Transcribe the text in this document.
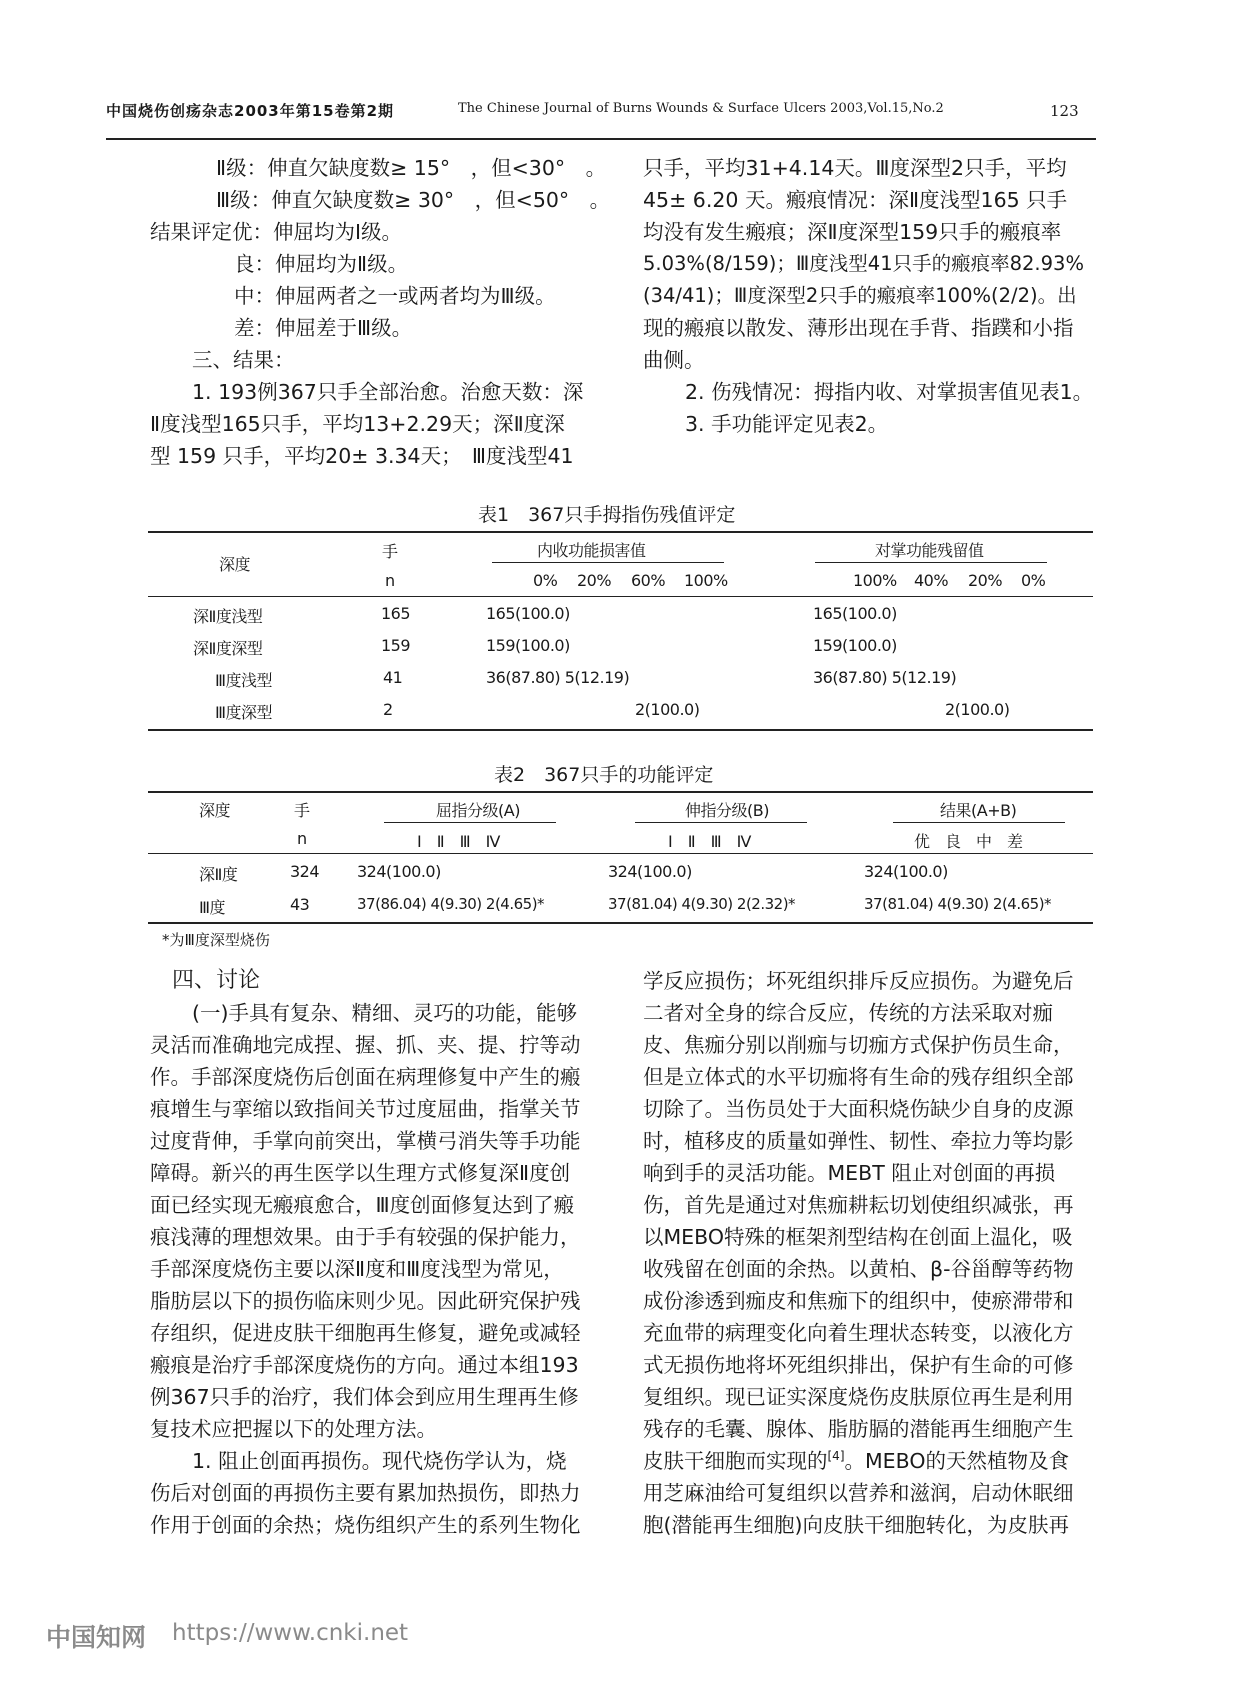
中国烧伤创疡杂志2003年第15卷第2期	The Chinese Journal of Burns Wounds & Surface Ulcers 2003,Vol.15,No.2	123

Ⅱ级：伸直欠缺度数≥ 15°　，但<30°　。

Ⅲ级：伸直欠缺度数≥ 30°　，但<50°　。

结果评定优：伸屈均为Ⅰ级。

良：伸屈均为Ⅱ级。

中：伸屈两者之一或两者均为Ⅲ级。

差：伸屈差于Ⅲ级。

三、结果：

1. 193例367只手全部治愈。治愈天数：深

Ⅱ度浅型165只手，平均13+2.29天；深Ⅱ度深

型 159 只手，平均20± 3.34天；　Ⅲ度浅型41

只手，平均31+4.14天。Ⅲ度深型2只手，平均

45± 6.20 天。瘢痕情况：深Ⅱ度浅型165 只手

均没有发生瘢痕；深Ⅱ度深型159只手的瘢痕率

5.03%(8/159)；Ⅲ度浅型41只手的瘢痕率82.93%

(34/41)；Ⅲ度深型2只手的瘢痕率100%(2/2)。出

现的瘢痕以散发、薄形出现在手背、指蹼和小指

曲侧。

2. 伤残情况：拇指内收、对掌损害值见表1。

3. 手功能评定见表2。

表1　367只手拇指伤残值评定
深度
手
n
内收功能损害值	对掌功能残留值
0% 20% 60% 100%	100% 40% 20% 0%
深Ⅱ度浅型	165	165(100.0)	165(100.0)
深Ⅱ度深型	159	159(100.0)	159(100.0)
Ⅲ度浅型	41	36(87.80) 5(12.19)	36(87.80) 5(12.19)
Ⅲ度深型	2	2(100.0)	2(100.0)
表2　367只手的功能评定
深度	手
n
屈指分级(A)	伸指分级(B)	结果(A+B)
Ⅰ　Ⅱ　Ⅲ　Ⅳ	Ⅰ　Ⅱ　Ⅲ　Ⅳ	优　良　中　差
深Ⅱ度	324 324(100.0)	324(100.0)	324(100.0)
Ⅲ度	43	37(86.04) 4(9.30) 2(4.65)*	37(81.04) 4(9.30) 2(2.32)*	37(81.04) 4(9.30) 2(4.65)*
*为Ⅲ度深型烧伤

四、讨论

(一)手具有复杂、精细、灵巧的功能，能够

灵活而准确地完成捏、握、抓、夹、提、拧等动

作。手部深度烧伤后创面在病理修复中产生的瘢

痕增生与挛缩以致指间关节过度屈曲，指掌关节

过度背伸，手掌向前突出，掌横弓消失等手功能

障碍。新兴的再生医学以生理方式修复深Ⅱ度创

面已经实现无瘢痕愈合，Ⅲ度创面修复达到了瘢

痕浅薄的理想效果。由于手有较强的保护能力，

手部深度烧伤主要以深Ⅱ度和Ⅲ度浅型为常见，

脂肪层以下的损伤临床则少见。因此研究保护残

存组织，促进皮肤干细胞再生修复，避免或减轻

瘢痕是治疗手部深度烧伤的方向。通过本组193

例367只手的治疗，我们体会到应用生理再生修

复技术应把握以下的处理方法。

1. 阻止创面再损伤。现代烧伤学认为，烧

伤后对创面的再损伤主要有累加热损伤，即热力

作用于创面的余热；烧伤组织产生的系列生物化

学反应损伤；坏死组织排斥反应损伤。为避免后

二者对全身的综合反应，传统的方法采取对痂

皮、焦痂分别以削痂与切痂方式保护伤员生命，

但是立体式的水平切痂将有生命的残存组织全部

切除了。当伤员处于大面积烧伤缺少自身的皮源

时，植移皮的质量如弹性、韧性、牵拉力等均影

响到手的灵活功能。MEBT 阻止对创面的再损

伤，首先是通过对焦痂耕耘切划使组织减张，再

以MEBO特殊的框架剂型结构在创面上温化，吸

收残留在创面的余热。以黄柏、β-谷甾醇等药物

成份渗透到痂皮和焦痂下的组织中，使瘀滞带和

充血带的病理变化向着生理状态转变，以液化方

式无损伤地将坏死组织排出，保护有生命的可修

复组织。现已证实深度烧伤皮肤原位再生是利用

残存的毛囊、腺体、脂肪膈的潜能再生细胞产生

皮肤干细胞而实现的[4]。MEBO的天然植物及食

用芝麻油给可复组织以营养和滋润，启动休眠细

胞(潜能再生细胞)向皮肤干细胞转化，为皮肤再

中国知网 https://www.cnki.net
